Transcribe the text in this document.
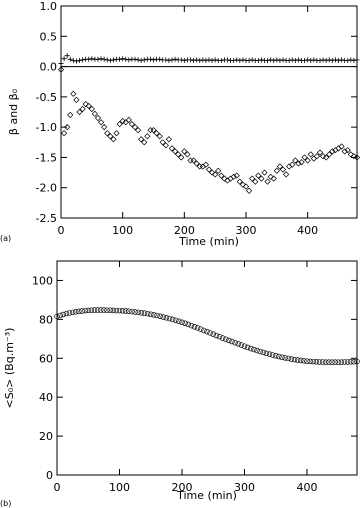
0	100	200	300	400
-2.5
-2.0
-1.5
-1.0
-0.5
0.0
0.5
1.0
Time (min)
β and β₀
(a)
0	100	200	300	400
0
20
40
60
80
100
Time (min)
<S₀> (Bq.m⁻³)
(b)
